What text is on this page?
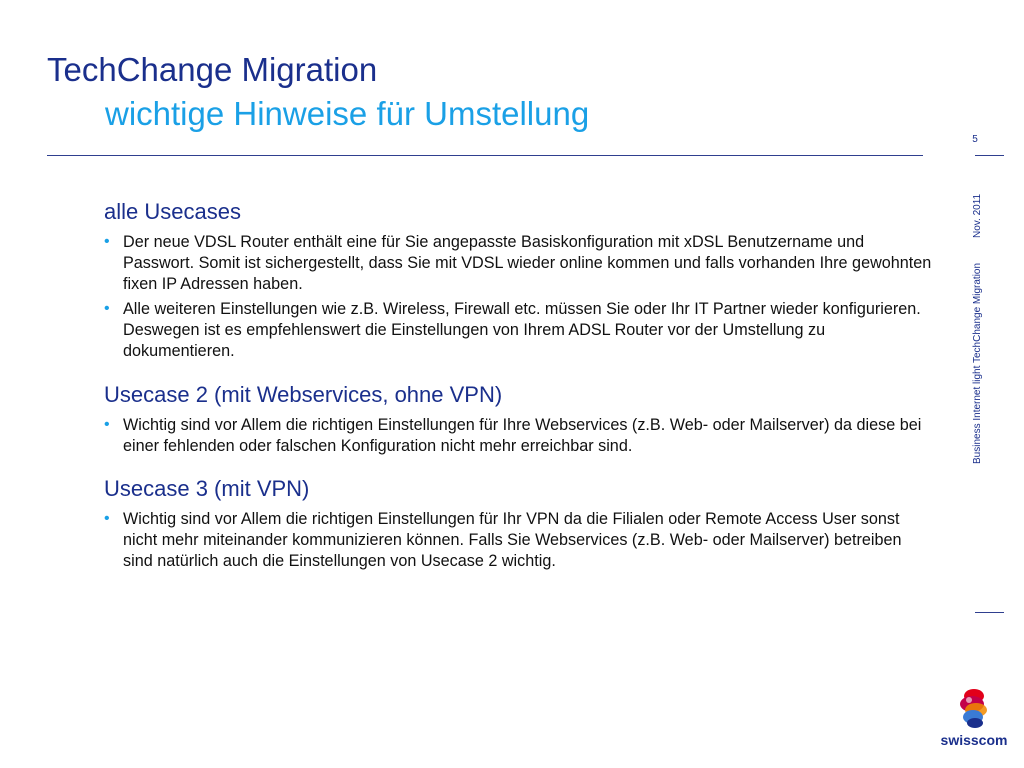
TechChange Migration
wichtige Hinweise für Umstellung
5
Nov. 2011
Business Internet light TechChange Migration
alle Usecases
• Der neue VDSL Router enthält eine für Sie angepasste Basiskonfiguration mit xDSL Benutzername und Passwort. Somit ist sichergestellt, dass Sie mit VDSL wieder online kommen und falls vorhanden Ihre gewohnten fixen IP Adressen haben.
• Alle weiteren Einstellungen wie z.B. Wireless, Firewall etc. müssen Sie oder Ihr IT Partner wieder konfigurieren. Deswegen ist es empfehlenswert die Einstellungen von Ihrem ADSL Router vor der Umstellung zu dokumentieren.
Usecase 2 (mit Webservices, ohne VPN)
• Wichtig sind vor Allem die richtigen Einstellungen für Ihre Webservices (z.B. Web- oder Mailserver) da diese bei einer fehlenden oder falschen Konfiguration nicht mehr erreichbar sind.
Usecase 3 (mit VPN)
• Wichtig sind vor Allem die richtigen Einstellungen für Ihr VPN da die Filialen oder Remote Access User sonst nicht mehr miteinander kommunizieren können. Falls Sie Webservices (z.B. Web- oder Mailserver) betreiben sind natürlich auch die Einstellungen von Usecase 2 wichtig.
swisscom
